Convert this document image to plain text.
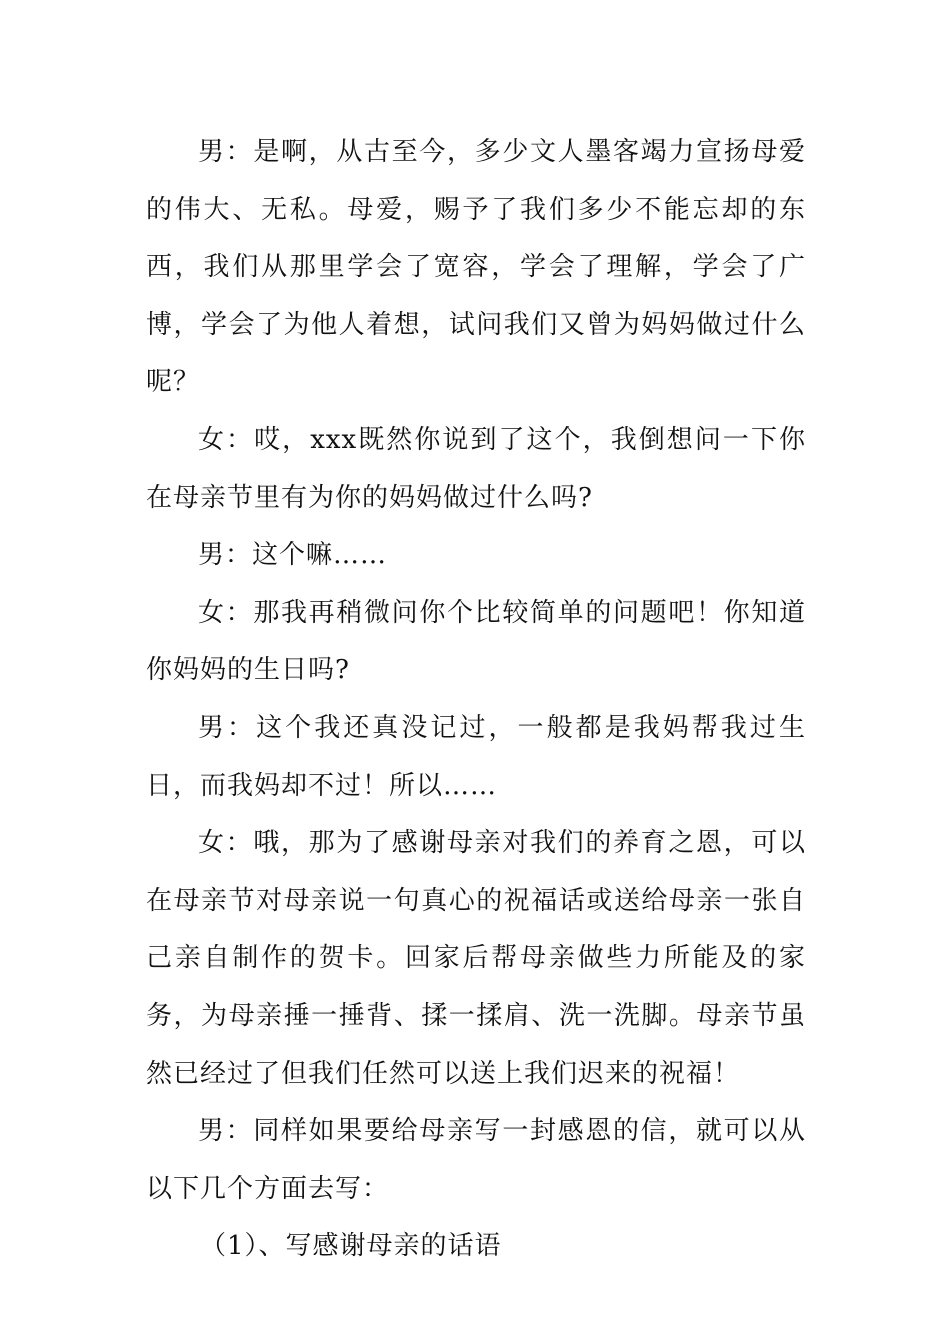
男：是啊，从古至今，多少文人墨客竭力宣扬母爱的伟大、无私。母爱，赐予了我们多少不能忘却的东西，我们从那里学会了宽容，学会了理解，学会了广博，学会了为他人着想，试问我们又曾为妈妈做过什么呢？

女：哎，xxx既然你说到了这个，我倒想问一下你在母亲节里有为你的妈妈做过什么吗?

男：这个嘛……

女：那我再稍微问你个比较简单的问题吧！你知道你妈妈的生日吗?

男：这个我还真没记过，一般都是我妈帮我过生日，而我妈却不过！所以……

女：哦，那为了感谢母亲对我们的养育之恩，可以在母亲节对母亲说一句真心的祝福话或送给母亲一张自己亲自制作的贺卡。回家后帮母亲做些力所能及的家务，为母亲捶一捶背、揉一揉肩、洗一洗脚。母亲节虽然已经过了但我们任然可以送上我们迟来的祝福！

男：同样如果要给母亲写一封感恩的信，就可以从以下几个方面去写：

（1）、写感谢母亲的话语
